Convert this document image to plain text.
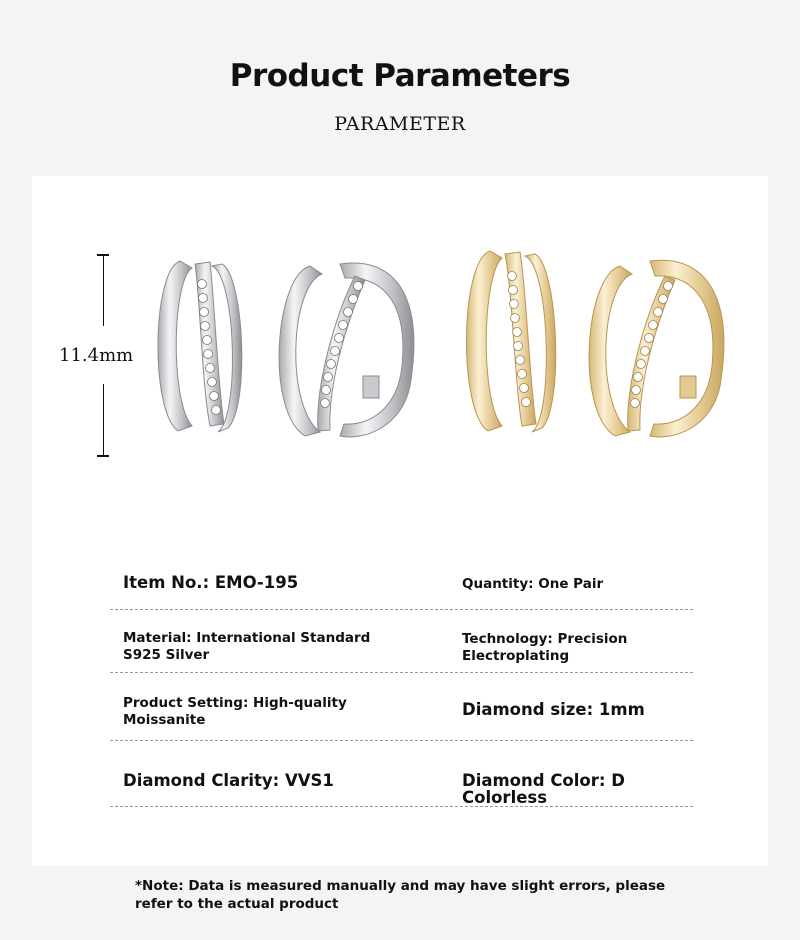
Product Parameters
PARAMETER
11.4mm
Item No.: EMO-195	Quantity: One Pair
Material: International Standard S925 Silver
Technology: Precision Electroplating
Product Setting: High-quality Moissanite
Diamond size: 1mm
Diamond Clarity: VVS1	Diamond Color: D Colorless
*Note: Data is measured manually and may have slight errors, please refer to the actual product
